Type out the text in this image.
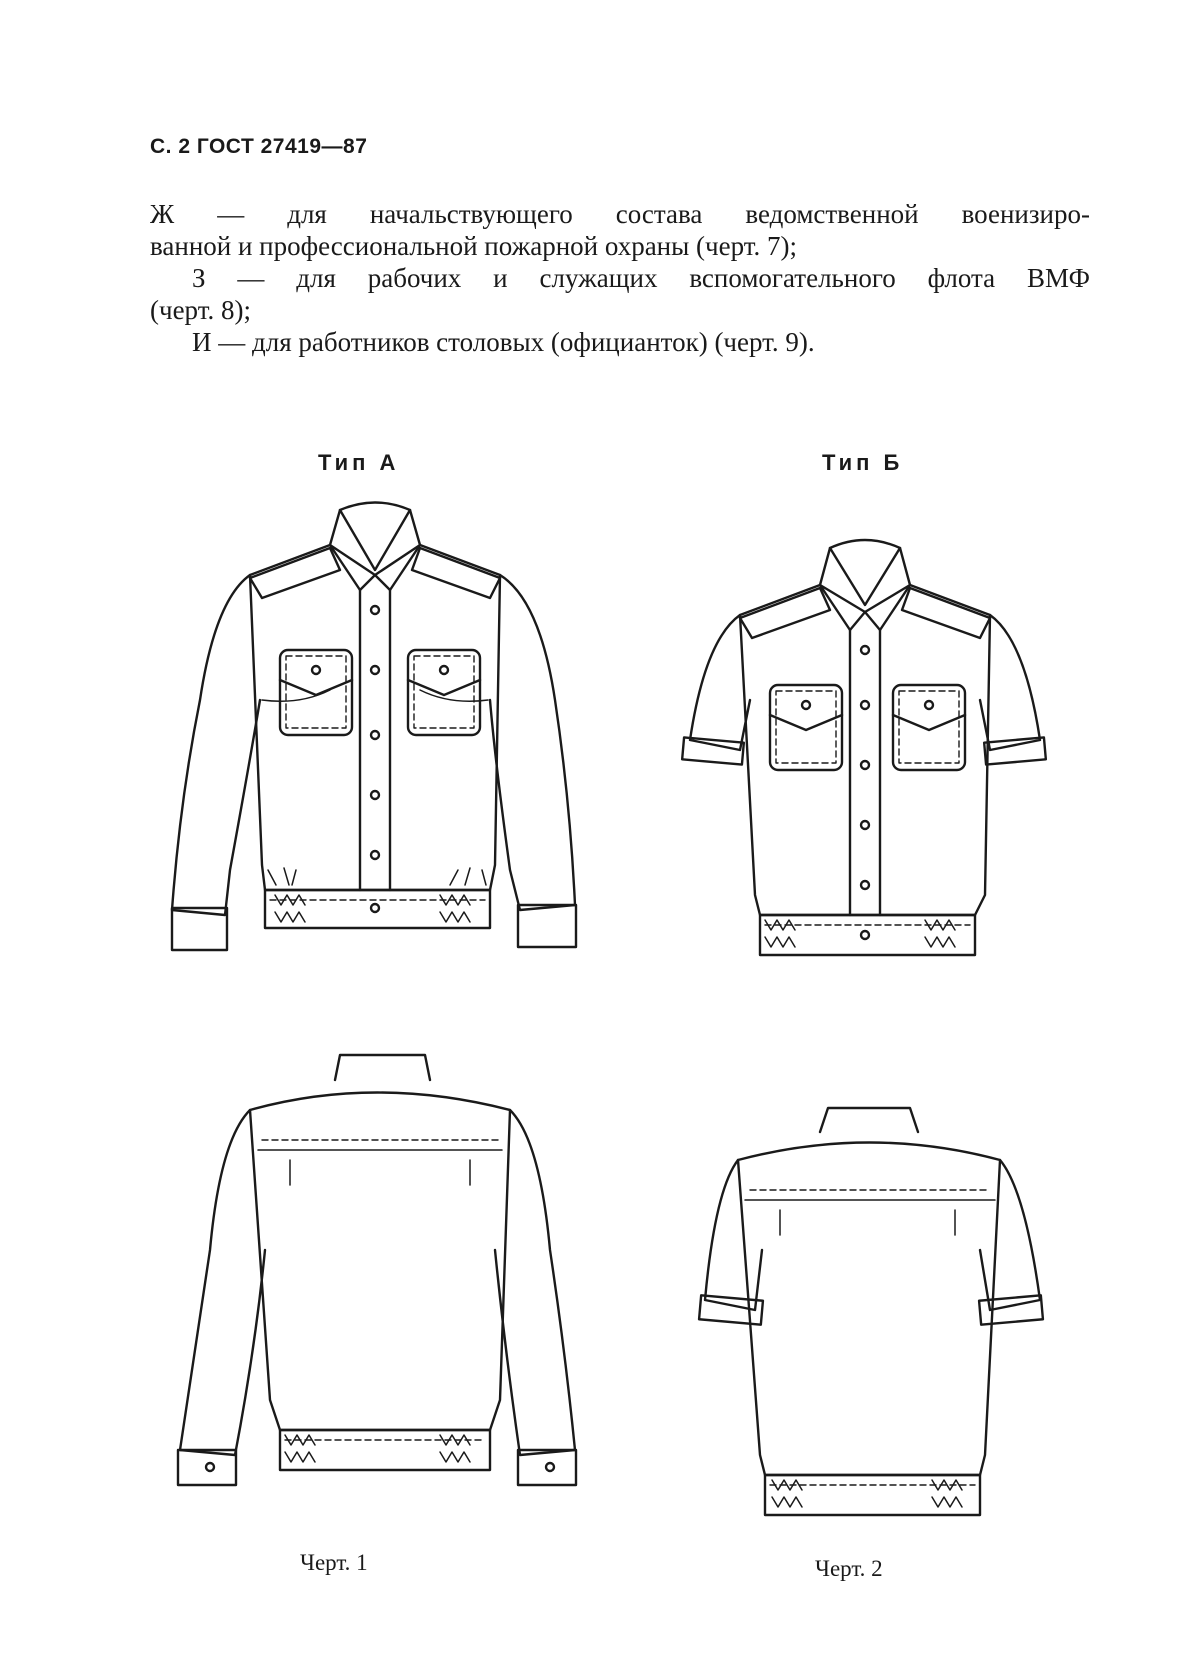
С. 2 ГОСТ 27419—87
Ж — для начальствующего состава ведомственной военизиро-
ванной и профессиональной пожарной охраны (черт. 7);
З — для рабочих и служащих вспомогательного флота ВМФ
(черт. 8);
И — для работников столовых (официанток) (черт. 9).
Тип А	Тип Б
Черт. 1	Черт. 2
